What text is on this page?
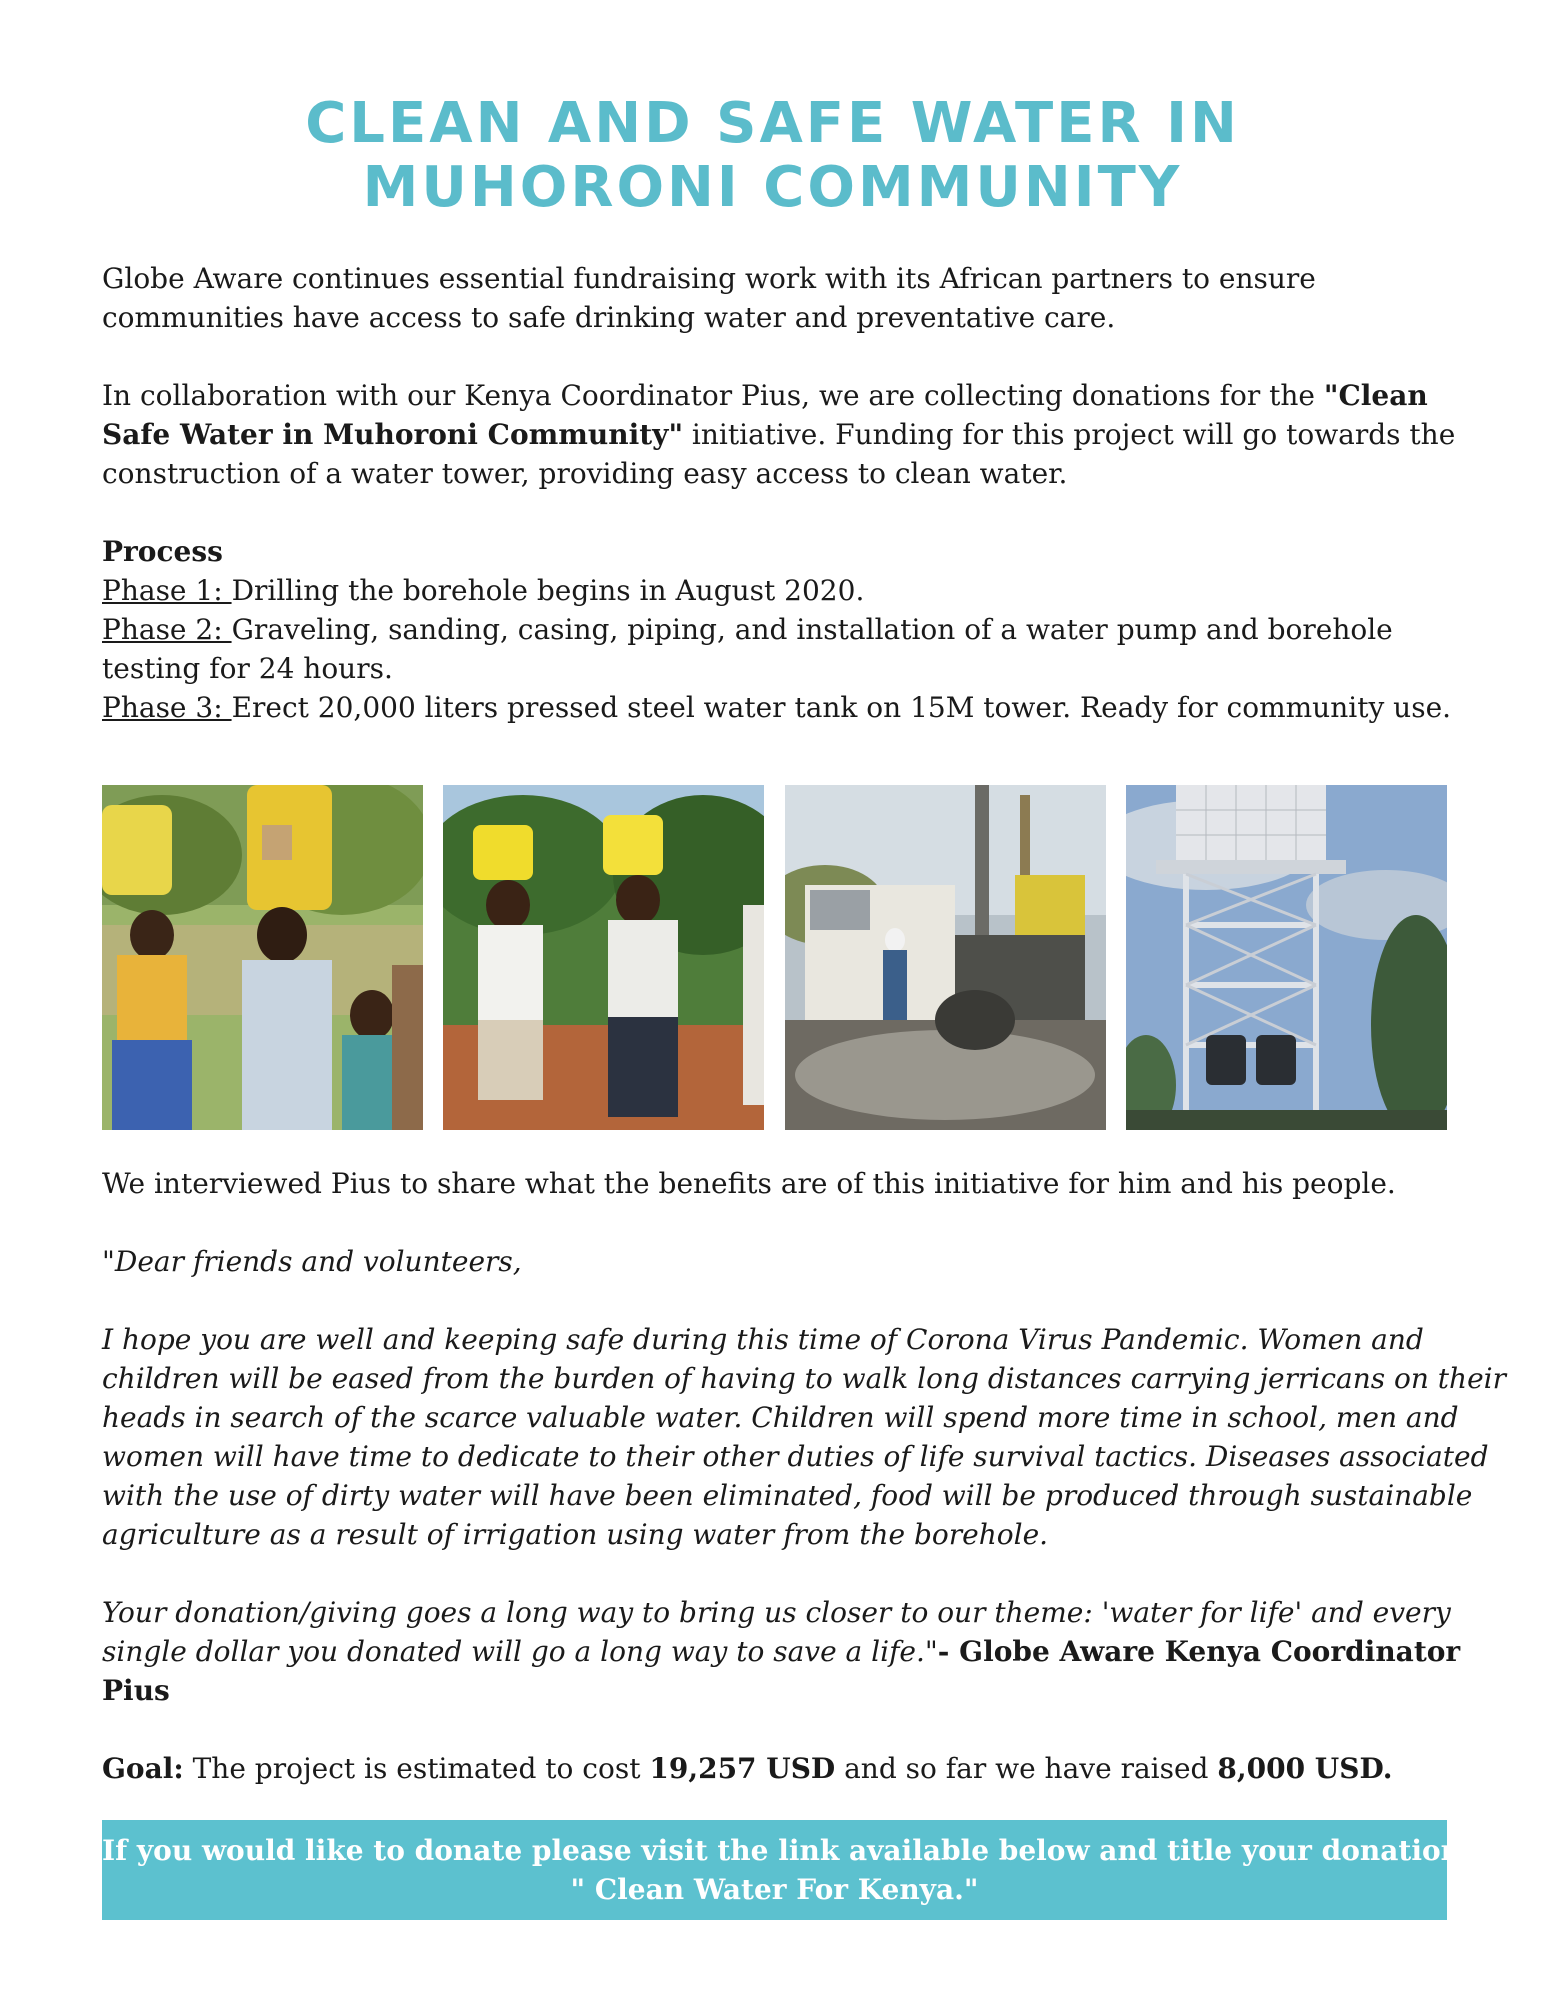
CLEAN AND SAFE WATER IN
MUHORONI COMMUNITY

Globe Aware continues essential fundraising work with its African partners to ensure

communities have access to safe drinking water and preventative care.

In collaboration with our Kenya Coordinator Pius, we are collecting donations for the "Clean

Safe Water in Muhoroni Community" initiative. Funding for this project will go towards the

construction of a water tower, providing easy access to clean water.

Process

Phase 1: Drilling the borehole begins in August 2020.

Phase 2: Graveling, sanding, casing, piping, and installation of a water pump and borehole

testing for 24 hours.

Phase 3: Erect 20,000 liters pressed steel water tank on 15M tower. Ready for community use.

We interviewed Pius to share what the benefits are of this initiative for him and his people.

"Dear friends and volunteers,

I hope you are well and keeping safe during this time of Corona Virus Pandemic. Women and

children will be eased from the burden of having to walk long distances carrying jerricans on their

heads in search of the scarce valuable water. Children will spend more time in school, men and

women will have time to dedicate to their other duties of life survival tactics. Diseases associated

with the use of dirty water will have been eliminated, food will be produced through sustainable

agriculture as a result of irrigation using water from the borehole.

Your donation/giving goes a long way to bring us closer to our theme: 'water for life' and every

single dollar you donated will go a long way to save a life."- Globe Aware Kenya Coordinator

Pius

Goal: The project is estimated to cost 19,257 USD and so far we have raised 8,000 USD.

If you would like to donate please visit the link available below and title your donation
" Clean Water For Kenya."
